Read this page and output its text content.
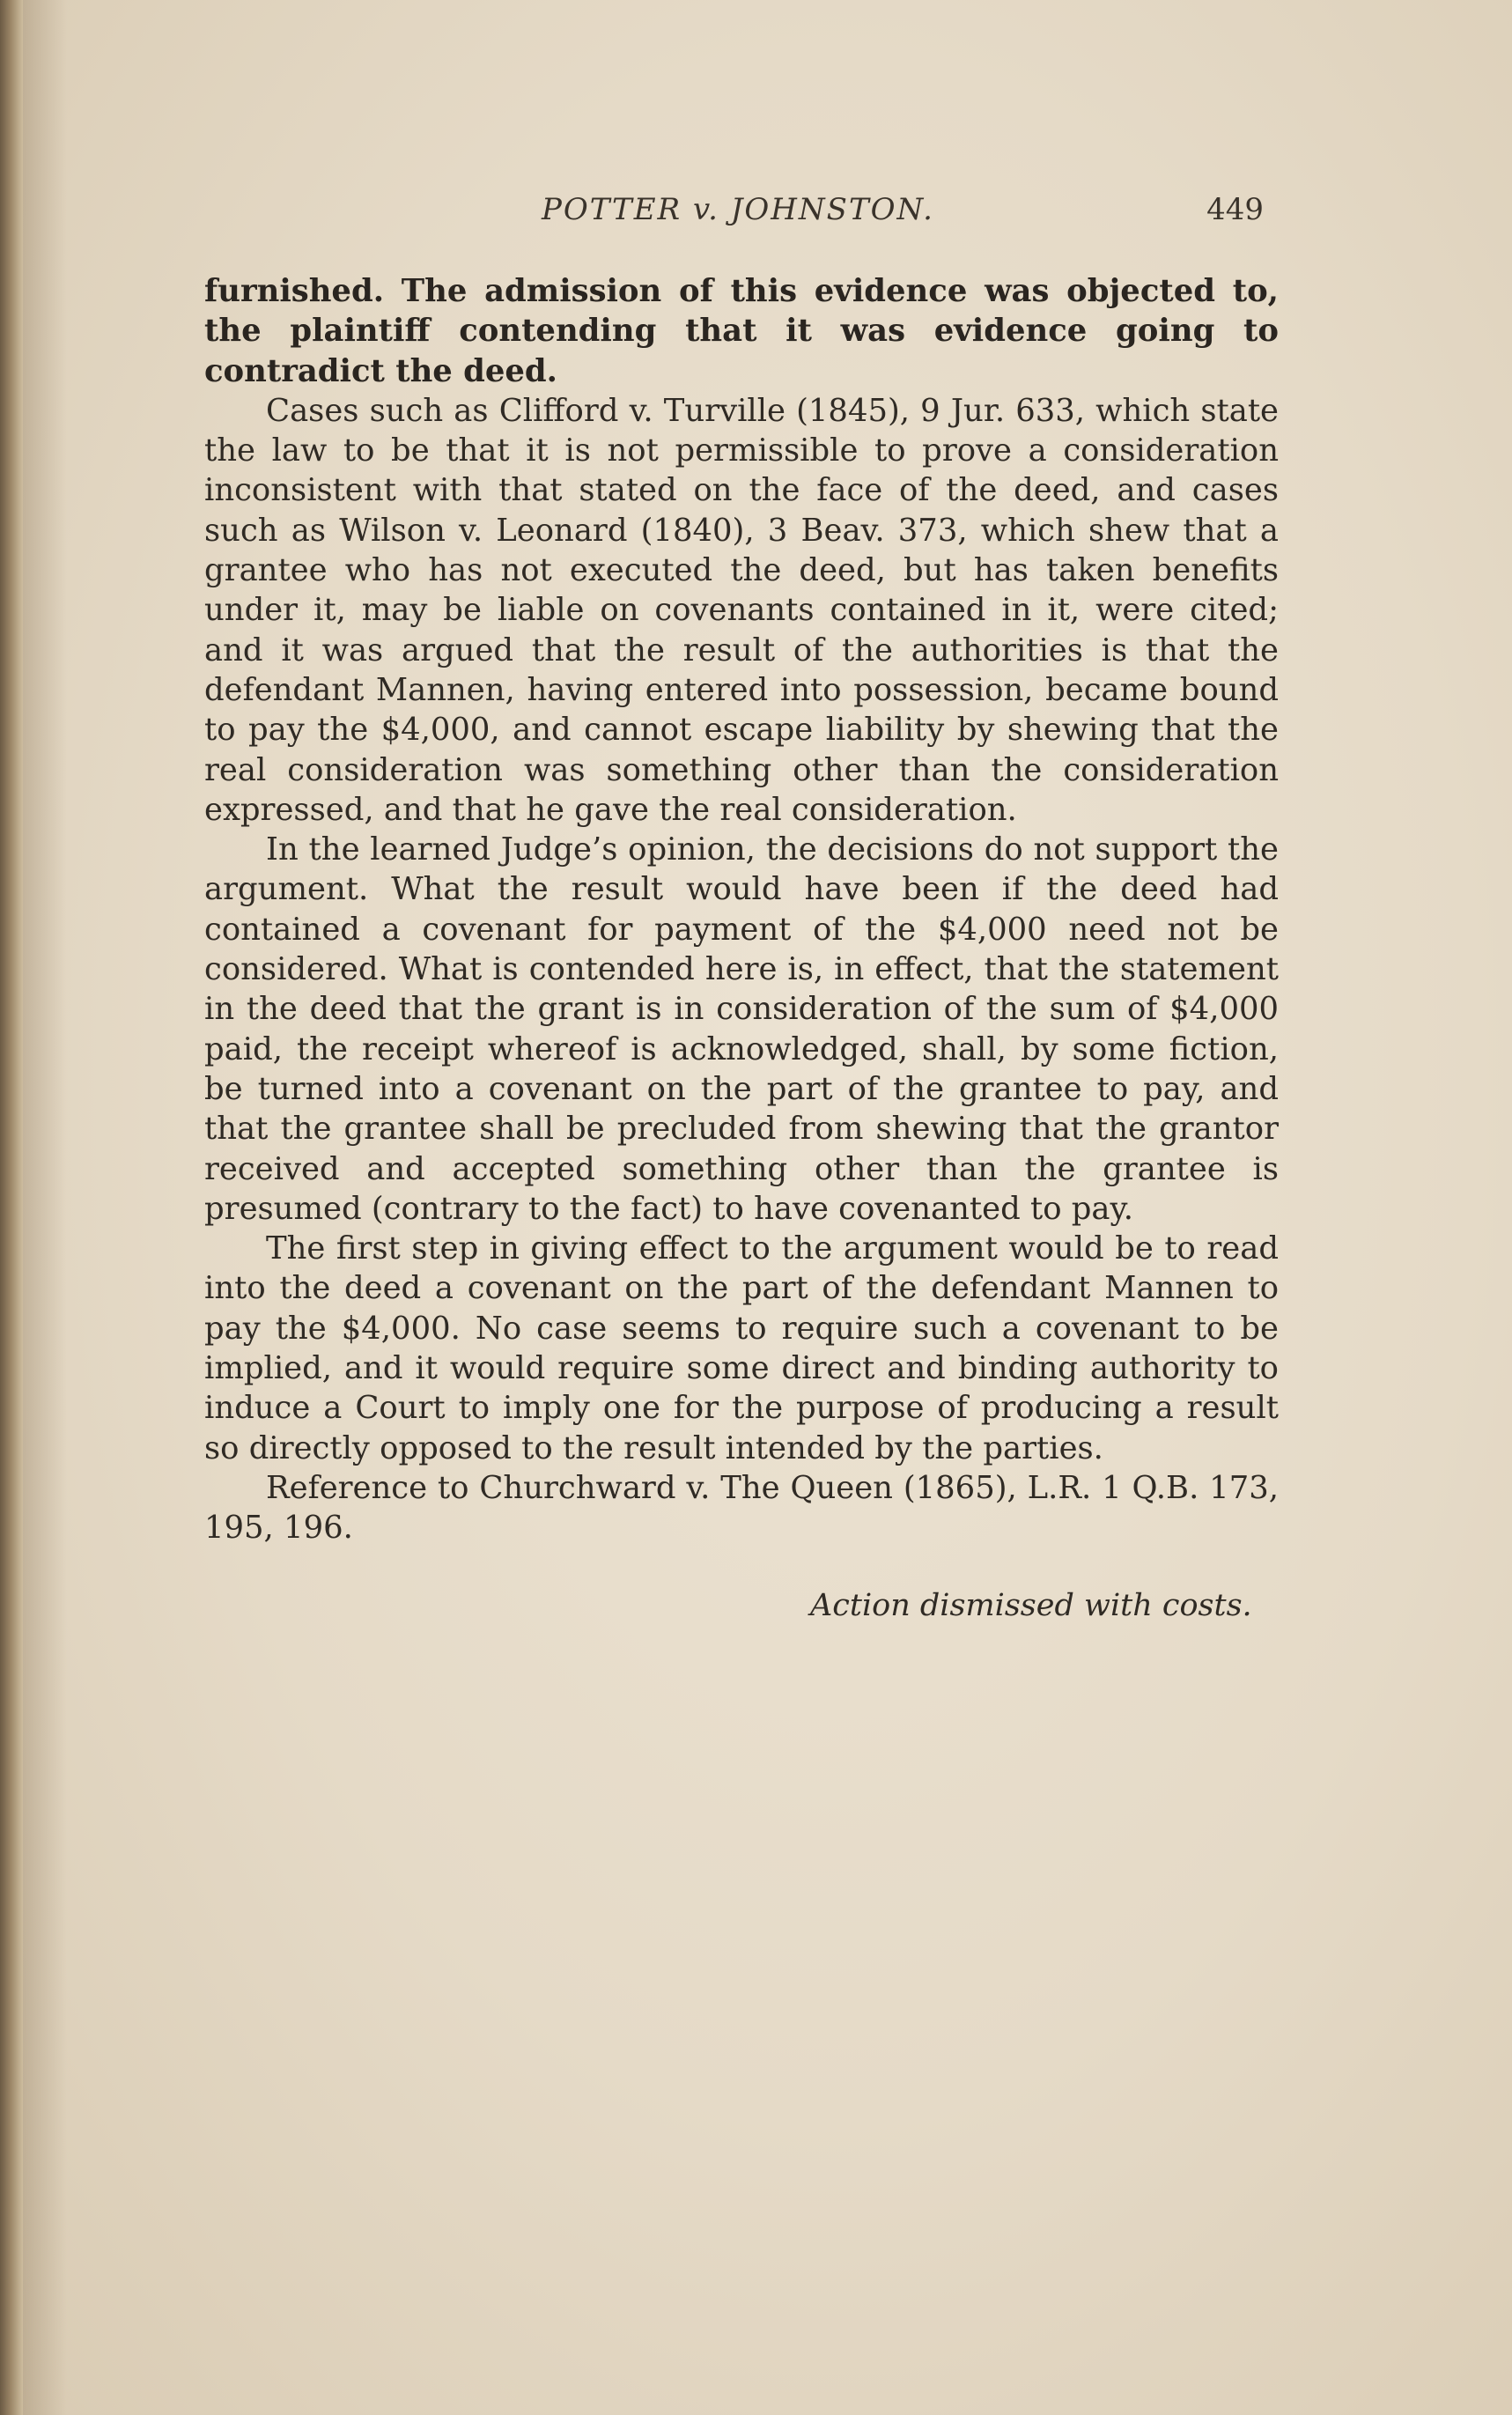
POTTER v. JOHNSTON.	449

furnished. The admission of this evidence was objected to, the plaintiff contending that it was evidence going to contradict the deed.

Cases such as Clifford v. Turville (1845), 9 Jur. 633, which state the law to be that it is not permissible to prove a consideration inconsistent with that stated on the face of the deed, and cases such as Wilson v. Leonard (1840), 3 Beav. 373, which shew that a grantee who has not executed the deed, but has taken benefits under it, may be liable on covenants contained in it, were cited; and it was argued that the result of the authorities is that the defendant Mannen, having entered into possession, became bound to pay the $4,000, and cannot escape liability by shewing that the real consideration was something other than the consideration expressed, and that he gave the real consideration.

In the learned Judge’s opinion, the decisions do not support the argument. What the result would have been if the deed had contained a covenant for payment of the $4,000 need not be considered. What is contended here is, in effect, that the statement in the deed that the grant is in consideration of the sum of $4,000 paid, the receipt whereof is acknowledged, shall, by some fiction, be turned into a covenant on the part of the grantee to pay, and that the grantee shall be precluded from shewing that the grantor received and accepted something other than the grantee is presumed (contrary to the fact) to have covenanted to pay.

The first step in giving effect to the argument would be to read into the deed a covenant on the part of the defendant Mannen to pay the $4,000. No case seems to require such a covenant to be implied, and it would require some direct and binding authority to induce a Court to imply one for the purpose of producing a result so directly opposed to the result intended by the parties.

Reference to Churchward v. The Queen (1865), L.R. 1 Q.B. 173, 195, 196.

Action dismissed with costs.
